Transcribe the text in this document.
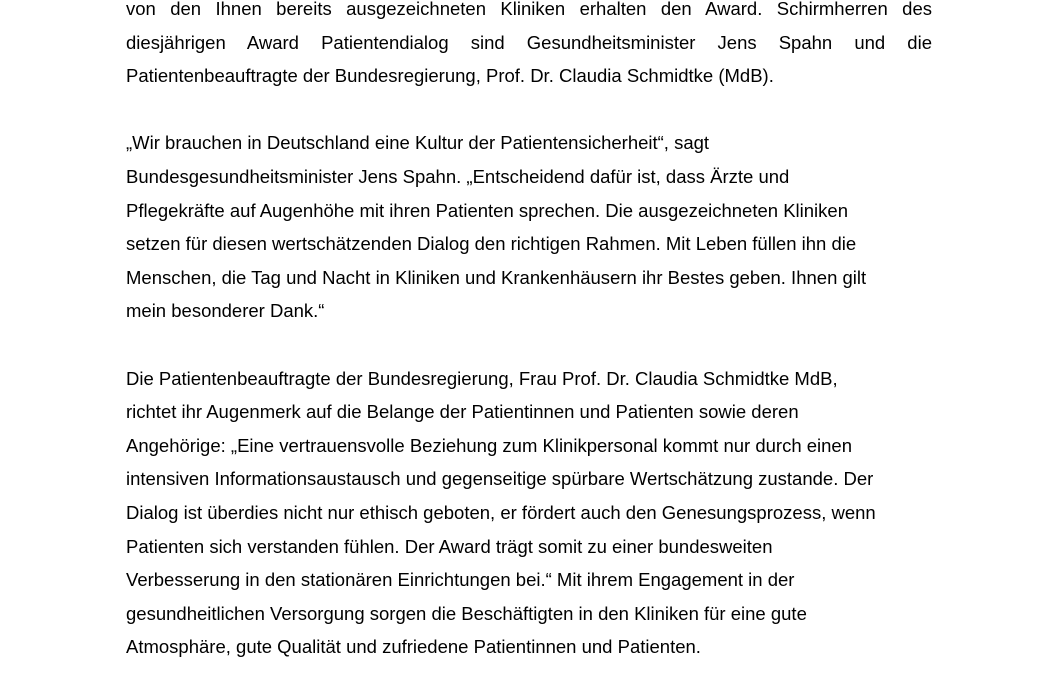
von den Ihnen bereits ausgezeichneten Kliniken erhalten den Award. Schirmherren des
diesjährigen Award Patientendialog sind Gesundheitsminister Jens Spahn und die
Patientenbeauftragte der Bundesregierung, Prof. Dr. Claudia Schmidtke (MdB).
„Wir brauchen in Deutschland eine Kultur der Patientensicherheit“, sagt
Bundesgesundheitsminister Jens Spahn. „Entscheidend dafür ist, dass Ärzte und
Pflegekräfte auf Augenhöhe mit ihren Patienten sprechen. Die ausgezeichneten Kliniken
setzen für diesen wertschätzenden Dialog den richtigen Rahmen. Mit Leben füllen ihn die
Menschen, die Tag und Nacht in Kliniken und Krankenhäusern ihr Bestes geben. Ihnen gilt
mein besonderer Dank.“
Die Patientenbeauftragte der Bundesregierung, Frau Prof. Dr. Claudia Schmidtke MdB,
richtet ihr Augenmerk auf die Belange der Patientinnen und Patienten sowie deren
Angehörige: „Eine vertrauensvolle Beziehung zum Klinikpersonal kommt nur durch einen
intensiven Informationsaustausch und gegenseitige spürbare Wertschätzung zustande. Der
Dialog ist überdies nicht nur ethisch geboten, er fördert auch den Genesungsprozess, wenn
Patienten sich verstanden fühlen. Der Award trägt somit zu einer bundesweiten
Verbesserung in den stationären Einrichtungen bei.“ Mit ihrem Engagement in der
gesundheitlichen Versorgung sorgen die Beschäftigten in den Kliniken für eine gute
Atmosphäre, gute Qualität und zufriedene Patientinnen und Patienten.
